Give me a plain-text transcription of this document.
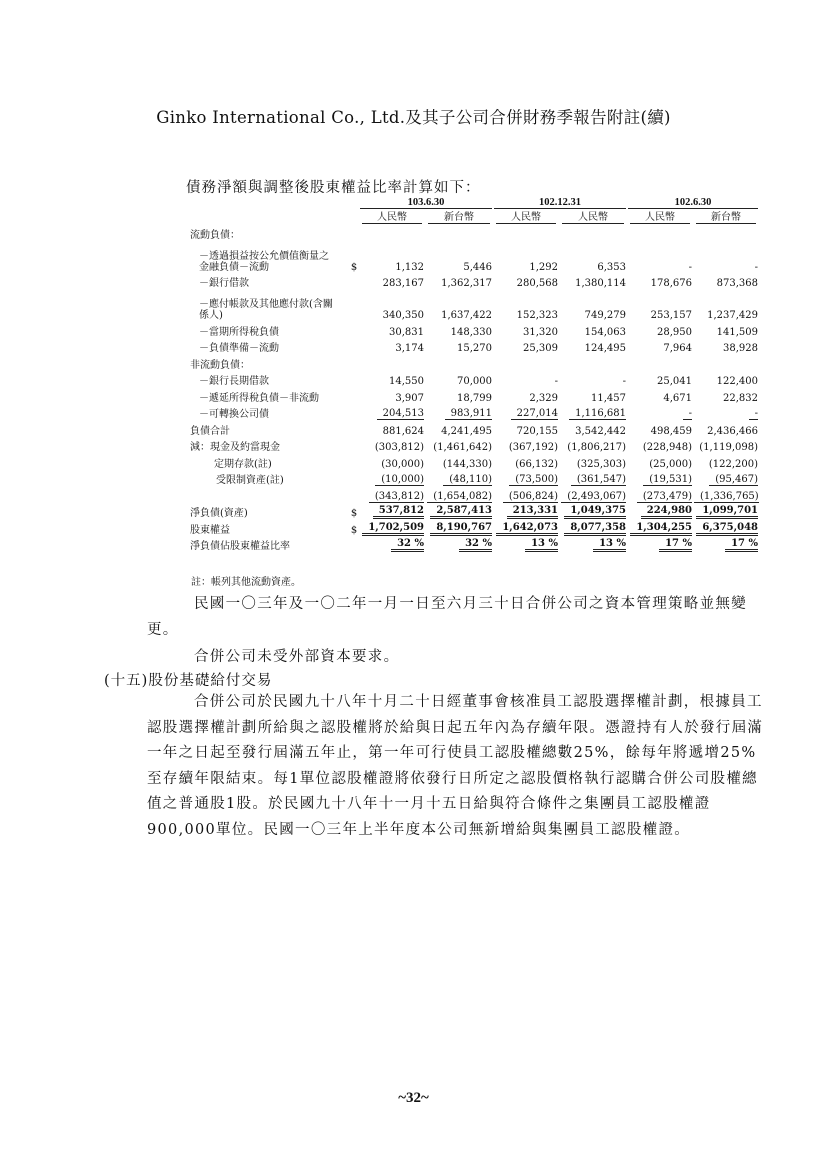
Ginko International Co., Ltd.及其子公司合併財務季報告附註(續)
債務淨額與調整後股東權益比率計算如下：
		103.6.30		102.12.31		102.6.30	
		人民幣	新台幣	人民幣	人民幣	人民幣	新台幣
流動負債：							
－透過損益按公允價值衡量之金融負債－流動	$	1,132	5,446	1,292	6,353	-	-
－銀行借款		283,167	1,362,317	280,568	1,380,114	178,676	873,368
－應付帳款及其他應付款(含關係人)		340,350	1,637,422	152,323	749,279	253,157	1,237,429
－當期所得稅負債		30,831	148,330	31,320	154,063	28,950	141,509
－負債準備－流動		3,174	15,270	25,309	124,495	7,964	38,928
非流動負債：							
－銀行長期借款		14,550	70,000	-	-	25,041	122,400
－遞延所得稅負債－非流動		3,907	18,799	2,329	11,457	4,671	22,832
－可轉換公司債		204,513	983,911	227,014	1,116,681	-	-
負債合計		881,624	4,241,495	720,155	3,542,442	498,459	2,436,466
減：現金及約當現金		(303,812)	(1,461,642)	(367,192)	(1,806,217)	(228,948)	(1,119,098)
定期存款(註)		(30,000)	(144,330)	(66,132)	(325,303)	(25,000)	(122,200)
受限制資產(註)		(10,000)	(48,110)	(73,500)	(361,547)	(19,531)	(95,467)
		(343,812)	(1,654,082)	(506,824)	(2,493,067)	(273,479)	(1,336,765)
淨負債(資產)	$	537,812	2,587,413	213,331	1,049,375	224,980	1,099,701
股東權益	$	1,702,509	8,190,767	1,642,073	8,077,358	1,304,255	6,375,048
淨負債佔股東權益比率		32 %	32 %	13 %	13 %	17 %	17 %
註：帳列其他流動資產。
民國一〇三年及一〇二年一月一日至六月三十日合併公司之資本管理策略並無變更。
合併公司未受外部資本要求。
(十五)股份基礎給付交易
合併公司於民國九十八年十月二十日經董事會核准員工認股選擇權計劃，根據員工認股選擇權計劃所給與之認股權將於給與日起五年內為存續年限。憑證持有人於發行屆滿一年之日起至發行屆滿五年止，第一年可行使員工認股權總數25%，餘每年將遞增25%至存續年限結束。每1單位認股權證將依發行日所定之認股價格執行認購合併公司股權總值之普通股1股。於民國九十八年十一月十五日給與符合條件之集團員工認股權證900,000單位。民國一〇三年上半年度本公司無新增給與集團員工認股權證。
~32~
